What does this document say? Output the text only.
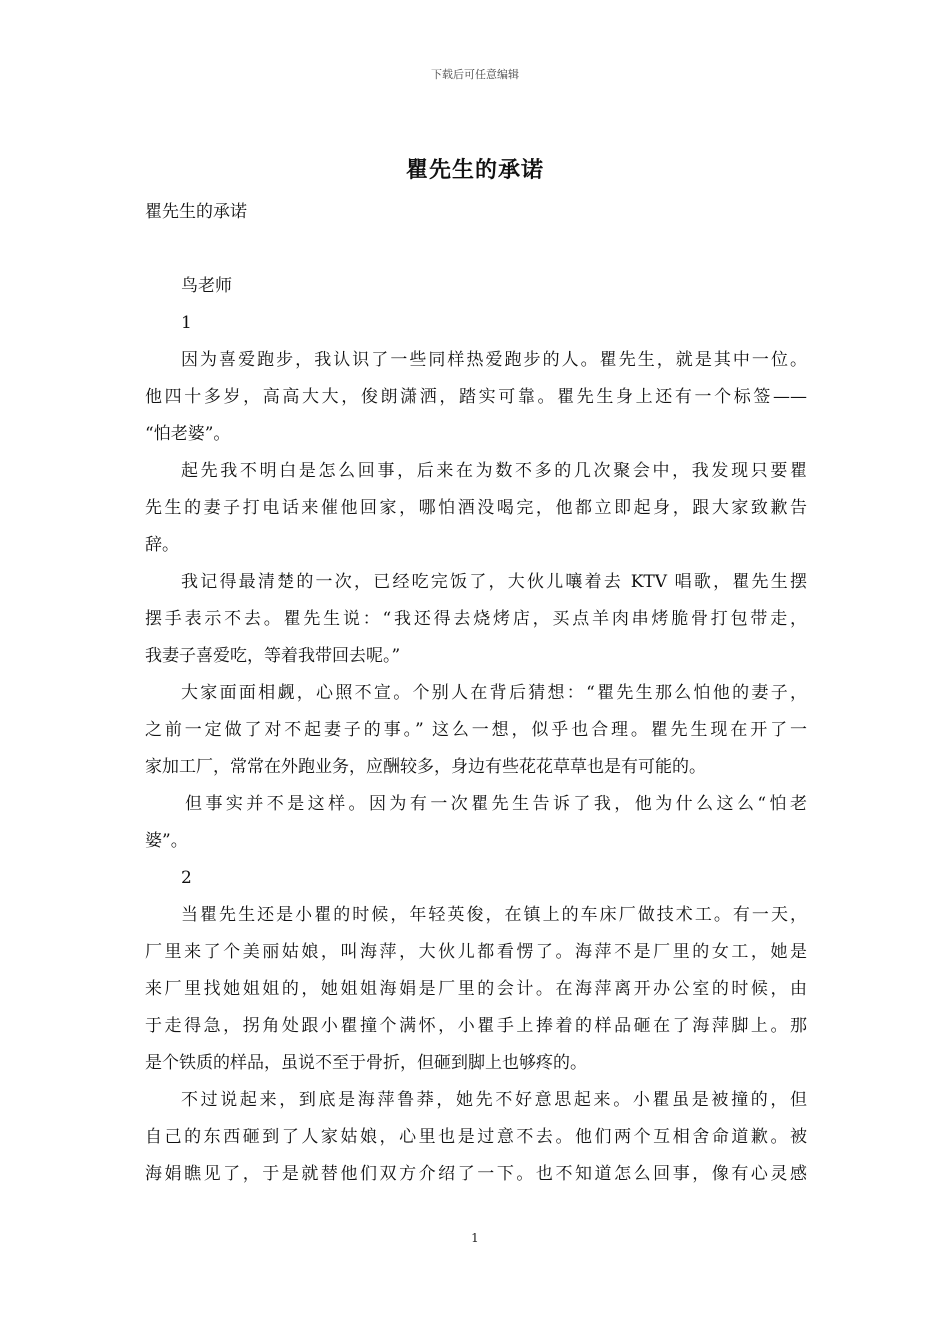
下载后可任意编辑
瞿先生的承诺
瞿先生的承诺
鸟老师
1
因为喜爱跑步，我认识了一些同样热爱跑步的人。瞿先生，就是其中一位。
他四十多岁，高高大大，俊朗潇洒，踏实可靠。瞿先生身上还有一个标签——
“怕老婆”。
起先我不明白是怎么回事，后来在为数不多的几次聚会中，我发现只要瞿
先生的妻子打电话来催他回家，哪怕酒没喝完，他都立即起身，跟大家致歉告
辞。
我记得最清楚的一次，已经吃完饭了，大伙儿嚷着去 KTV 唱歌，瞿先生摆
摆手表示不去。瞿先生说：“我还得去烧烤店，买点羊肉串烤脆骨打包带走，
我妻子喜爱吃，等着我带回去呢。”
大家面面相觑，心照不宣。个别人在背后猜想：“瞿先生那么怕他的妻子，
之前一定做了对不起妻子的事。” 这么一想，似乎也合理。瞿先生现在开了一
家加工厂，常常在外跑业务，应酬较多，身边有些花花草草也是有可能的。
但事实并不是这样。因为有一次瞿先生告诉了我，他为什么这么“怕老
婆”。
2
当瞿先生还是小瞿的时候，年轻英俊，在镇上的车床厂做技术工。有一天，
厂里来了个美丽姑娘，叫海萍，大伙儿都看愣了。海萍不是厂里的女工，她是
来厂里找她姐姐的，她姐姐海娟是厂里的会计。在海萍离开办公室的时候，由
于走得急，拐角处跟小瞿撞个满怀，小瞿手上捧着的样品砸在了海萍脚上。那
是个铁质的样品，虽说不至于骨折，但砸到脚上也够疼的。
不过说起来，到底是海萍鲁莽，她先不好意思起来。小瞿虽是被撞的，但
自己的东西砸到了人家姑娘，心里也是过意不去。他们两个互相舍命道歉。被
海娟瞧见了，于是就替他们双方介绍了一下。也不知道怎么回事，像有心灵感
1
